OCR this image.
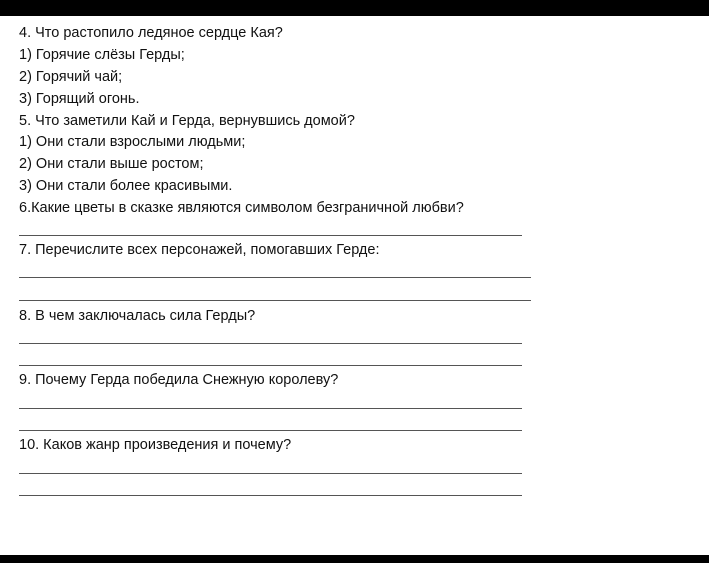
4. Что растопило ледяное сердце Кая?
1) Горячие слёзы Герды;
2) Горячий чай;
3) Горящий огонь.
5. Что заметили Кай и Герда, вернувшись домой?
1) Они стали взрослыми людьми;
2) Они стали выше ростом;
3) Они стали более красивыми.
6.Какие цветы в сказке являются символом безграничной любви?
7. Перечислите всех персонажей, помогавших Герде:
8. В чем заключалась сила Герды?
9. Почему Герда победила Снежную королеву?
10. Каков жанр произведения и почему?
